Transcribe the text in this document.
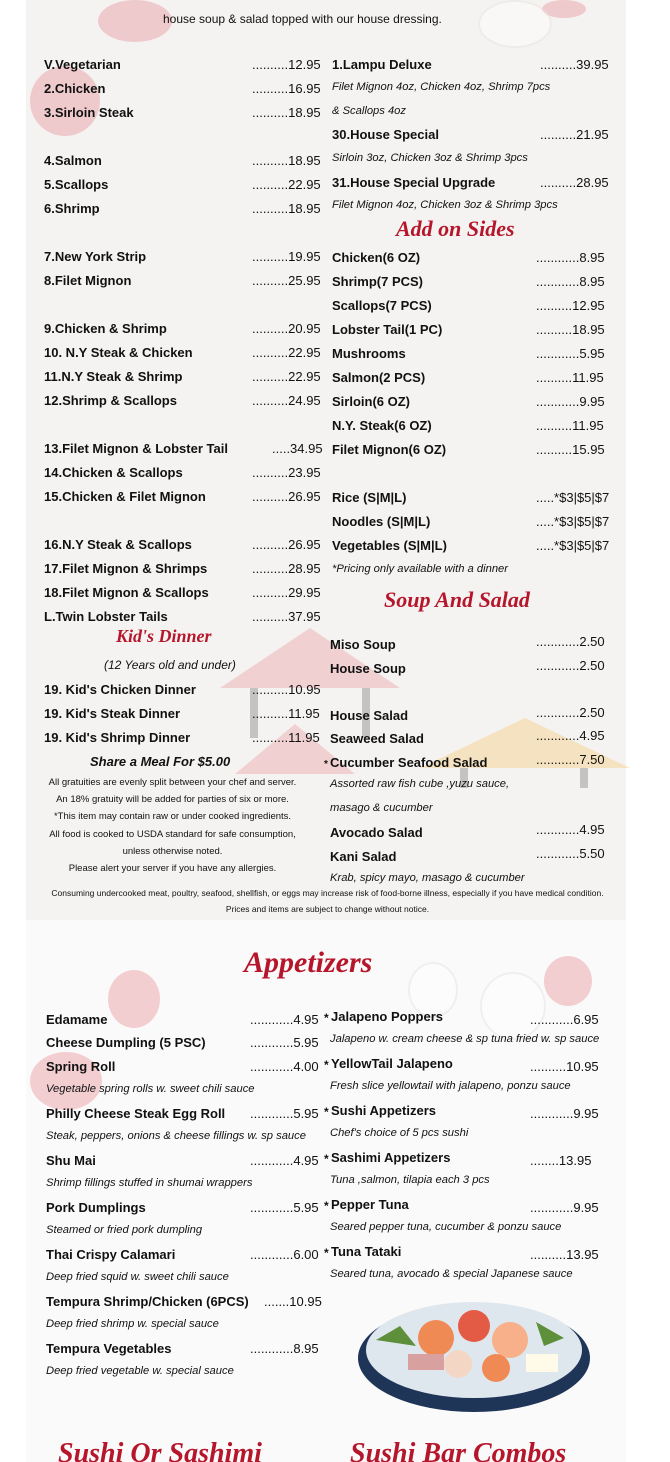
house soup & salad topped with our house dressing.
V.Vegetarian	..........12.95
2.Chicken	..........16.95
3.Sirloin Steak	..........18.95
4.Salmon	..........18.95
5.Scallops	..........22.95
6.Shrimp	..........18.95
7.New York Strip	..........19.95
8.Filet Mignon	..........25.95
9.Chicken & Shrimp	..........20.95
10. N.Y Steak & Chicken	..........22.95
11.N.Y Steak & Shrimp	..........22.95
12.Shrimp & Scallops	..........24.95
13.Filet Mignon & Lobster Tail	.....34.95
14.Chicken & Scallops	..........23.95
15.Chicken & Filet Mignon	..........26.95
16.N.Y Steak & Scallops	..........26.95
17.Filet Mignon & Shrimps	..........28.95
18.Filet Mignon & Scallops	..........29.95
L.Twin Lobster Tails	..........37.95
1.Lampu Deluxe	..........39.95
Filet Mignon 4oz, Chicken 4oz, Shrimp 7pcs
& Scallops 4oz
30.House Special	..........21.95
Sirloin 3oz, Chicken 3oz & Shrimp 3pcs
31.House Special Upgrade	..........28.95
Filet Mignon 4oz, Chicken 3oz & Shrimp 3pcs
Add on Sides
Chicken(6 OZ)	............8.95
Shrimp(7 PCS)	............8.95
Scallops(7 PCS)	..........12.95
Lobster Tail(1 PC)	..........18.95
Mushrooms	............5.95
Salmon(2 PCS)	..........11.95
Sirloin(6 OZ)	............9.95
N.Y. Steak(6 OZ)	..........11.95
Filet Mignon(6 OZ)	..........15.95
Rice (S|M|L)	.....*$3|$5|$7
Noodles (S|M|L)	.....*$3|$5|$7
Vegetables (S|M|L)	.....*$3|$5|$7
*Pricing only available with a dinner
Soup And Salad
Miso Soup	............2.50
House Soup	............2.50
House Salad	............2.50
Seaweed Salad	............4.95
* Cucumber Seafood Salad	............7.50
Assorted raw fish cube ,yuzu sauce,
masago & cucumber
Avocado Salad	............4.95
Kani Salad	............5.50
Krab, spicy mayo, masago & cucumber
Kid's Dinner
(12 Years old and under)
19. Kid's Chicken Dinner	..........10.95
19. Kid's Steak Dinner	..........11.95
19. Kid's Shrimp Dinner	..........11.95
Share a Meal For $5.00
All gratuities are evenly split between your chef and server.
An 18% gratuity will be added for parties of six or more.
*This item may contain raw or under cooked ingredients.
All food is cooked to USDA standard for safe consumption,
unless otherwise noted.
Please alert your server if you have any allergies.
Consuming undercooked meat, poultry, seafood, shellfish, or eggs may increase risk of food-borne illness, especially if you have medical condition.
Prices and items are subject to change without notice.
Appetizers
Edamame	............4.95
Cheese Dumpling (5 PSC)	............5.95
Spring Roll	............4.00
Vegetable spring rolls w. sweet chili sauce
Philly Cheese Steak Egg Roll ............5.95
Steak, peppers, onions & cheese fillings w. sp sauce
Shu Mai	............4.95
Shrimp fillings stuffed in shumai wrappers
Pork Dumplings	............5.95
Steamed or fried pork dumpling
Thai Crispy Calamari	............6.00
Deep fried squid w. sweet chili sauce
Tempura Shrimp/Chicken (6PCS) .......10.95
Deep fried shrimp w. special sauce
Tempura Vegetables	............8.95
Deep fried vegetable w. special sauce
* Jalapeno Poppers	............6.95
Jalapeno w. cream cheese & sp tuna fried w. sp sauce
* YellowTail Jalapeno	..........10.95
Fresh slice yellowtail with jalapeno, ponzu sauce
* Sushi Appetizers	............9.95
Chef's choice of 5 pcs sushi
* Sashimi Appetizers	........13.95
Tuna ,salmon, tilapia each 3 pcs
* Pepper Tuna	............9.95
Seared pepper tuna, cucumber & ponzu sauce
* Tuna Tataki	..........13.95
Seared tuna, avocado & special Japanese sauce
Sushi Or Sashimi	Sushi Bar Combos
